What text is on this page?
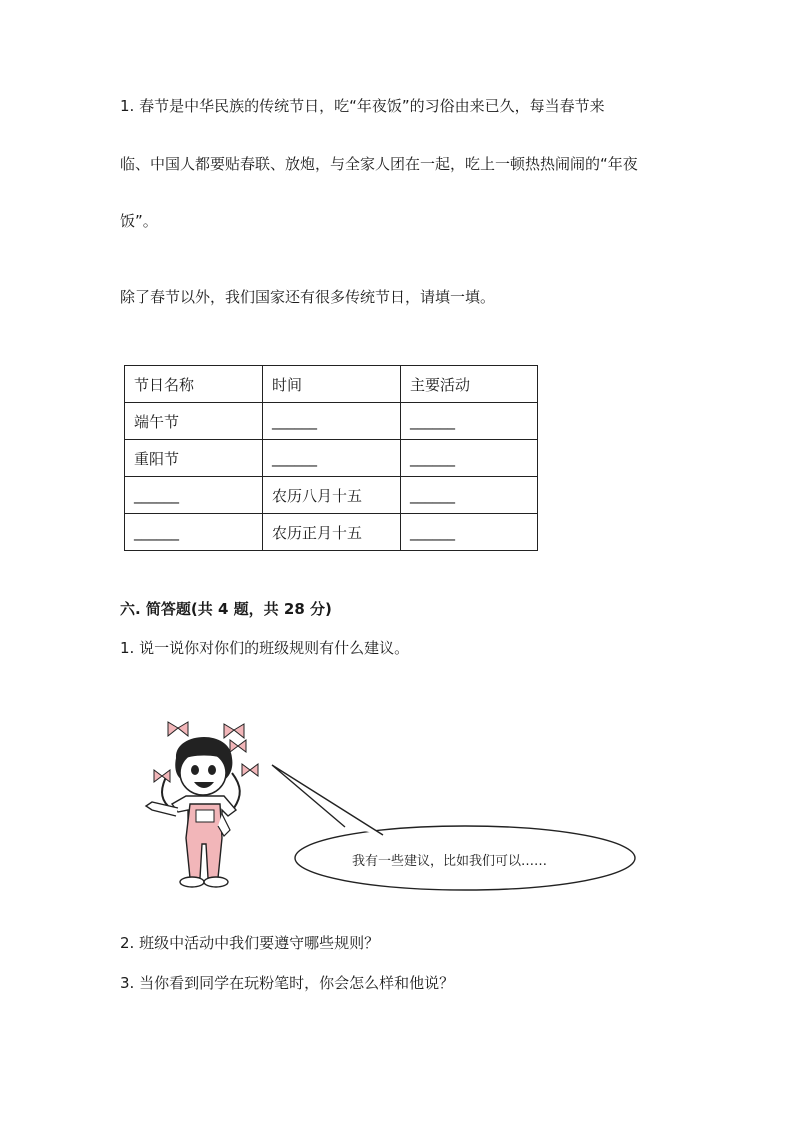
1. 春节是中华民族的传统节日，吃“年夜饭”的习俗由来已久，每当春节来
临、中国人都要贴春联、放炮，与全家人团在一起，吃上一顿热热闹闹的“年夜
饭”。
除了春节以外，我们国家还有很多传统节日，请填一填。
节日名称	时间	主要活动
端午节	______	______
重阳节	______	______
______	农历八月十五	______
______	农历正月十五	______
六. 简答题(共 4 题，共 28 分)
1. 说一说你对你们的班级规则有什么建议。
我有一些建议，比如我们可以……
2. 班级中活动中我们要遵守哪些规则？
3. 当你看到同学在玩粉笔时，你会怎么样和他说？
